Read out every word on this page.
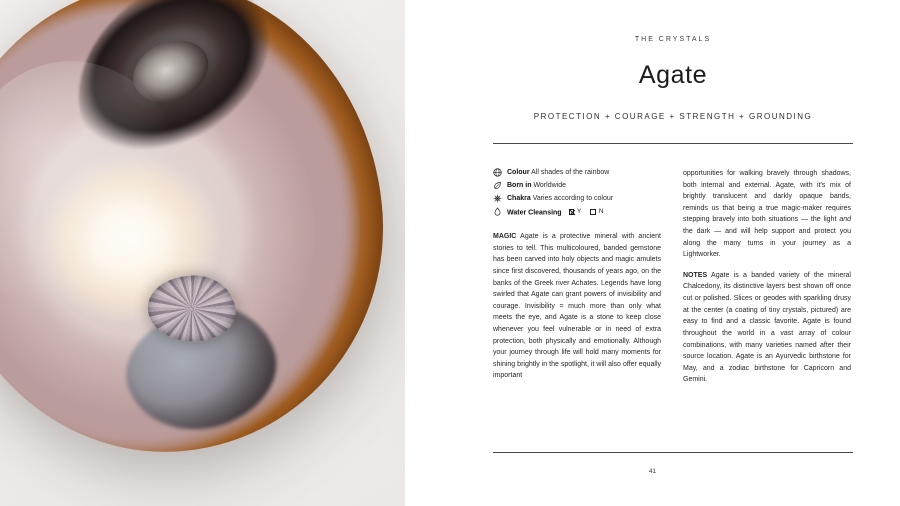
THE CRYSTALS
Agate
PROTECTION + COURAGE + STRENGTH + GROUNDING
Colour All shades of the rainbow
Born in Worldwide
Chakra Varies according to colour
Water Cleansing Y	N

MAGIC Agate is a protective mineral with ancient stories to tell. This multicoloured, banded gemstone has been carved into holy objects and magic amulets since first discovered, thousands of years ago, on the banks of the Greek river Achates. Legends have long swirled that Agate can grant powers of invisibility and courage. Invisibility = much more than only what meets the eye, and Agate is a stone to keep close whenever you feel vulnerable or in need of extra protection, both physically and emotionally. Although your journey through life will hold many moments for shining brightly in the spotlight, it will also offer equally important

opportunities for walking bravely through shadows, both internal and external. Agate, with it's mix of brightly translucent and darkly opaque bands, reminds us that being a true magic-maker requires stepping bravely into both situations — the light and the dark — and will help support and protect you along the many turns in your journey as a Lightworker.

NOTES Agate is a banded variety of the mineral Chalcedony, its distinctive layers best shown off once cut or polished. Slices or geodes with sparkling drusy at the center (a coating of tiny crystals, pictured) are easy to find and a classic favorite. Agate is found throughout the world in a vast array of colour combinations, with many varieties named after their source location. Agate is an Ayurvedic birthstone for May, and a zodiac birthstone for Capricorn and Gemini.

41
